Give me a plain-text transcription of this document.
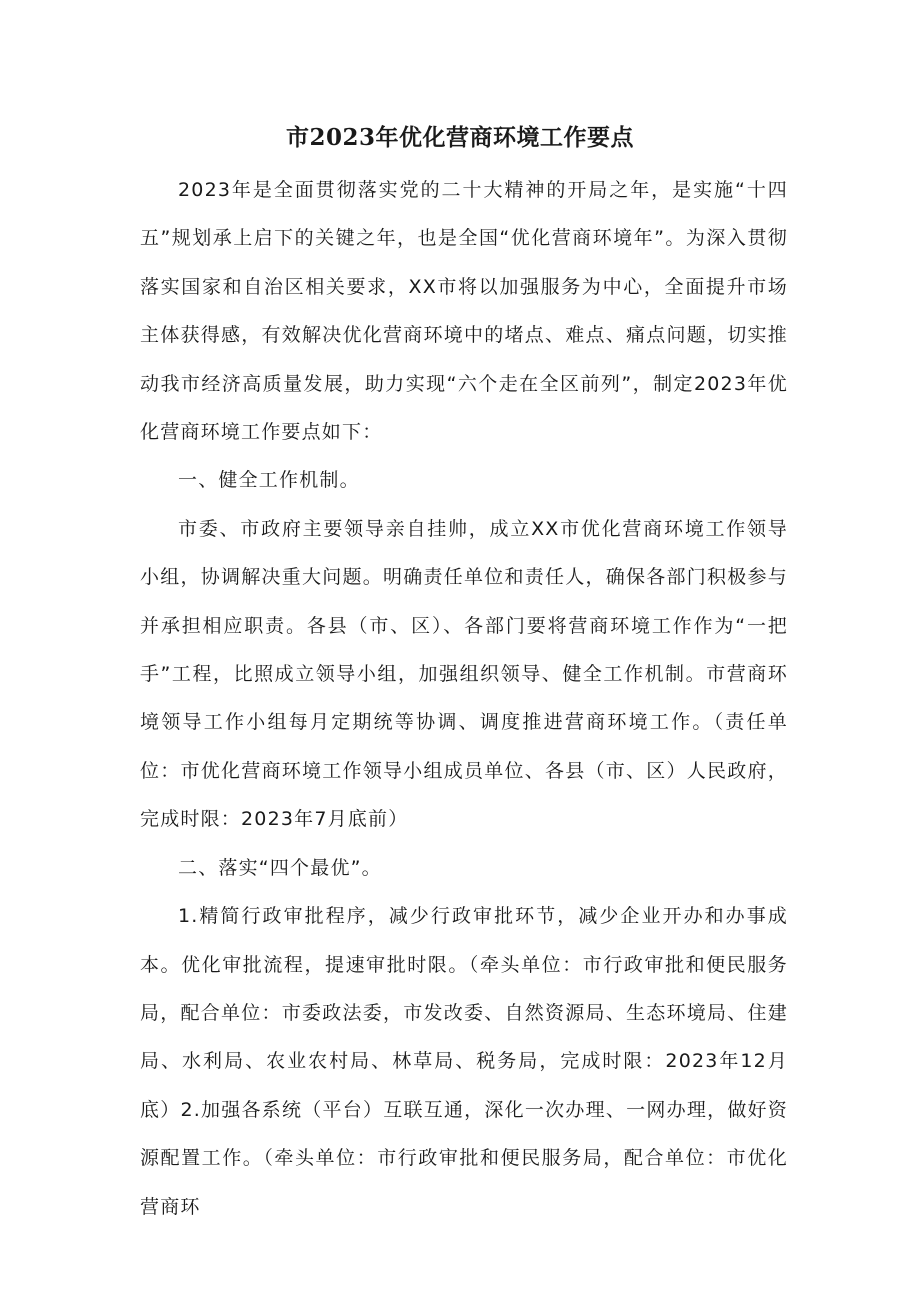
市2023年优化营商环境工作要点

2023年是全面贯彻落实党的二十大精神的开局之年，是实施“十四五”规划承上启下的关键之年，也是全国“优化营商环境年”。为深入贯彻落实国家和自治区相关要求，XX市将以加强服务为中心，全面提升市场主体获得感，有效解决优化营商环境中的堵点、难点、痛点问题，切实推动我市经济高质量发展，助力实现“六个走在全区前列”，制定2023年优化营商环境工作要点如下：

一、健全工作机制。

市委、市政府主要领导亲自挂帅，成立XX市优化营商环境工作领导小组，协调解决重大问题。明确责任单位和责任人，确保各部门积极参与并承担相应职责。各县（市、区）、各部门要将营商环境工作作为“一把手”工程，比照成立领导小组，加强组织领导、健全工作机制。市营商环境领导工作小组每月定期统等协调、调度推进营商环境工作。（责任单位：市优化营商环境工作领导小组成员单位、各县（市、区）人民政府，完成时限：2023年7月底前）

二、落实“四个最优”。

1.精简行政审批程序，减少行政审批环节，减少企业开办和办事成本。优化审批流程，提速审批时限。（牵头单位：市行政审批和便民服务局，配合单位：市委政法委，市发改委、自然资源局、生态环境局、住建局、水利局、农业农村局、林草局、税务局，完成时限：2023年12月底）2.加强各系统（平台）互联互通，深化一次办理、一网办理，做好资源配置工作。（牵头单位：市行政审批和便民服务局，配合单位：市优化营商环
